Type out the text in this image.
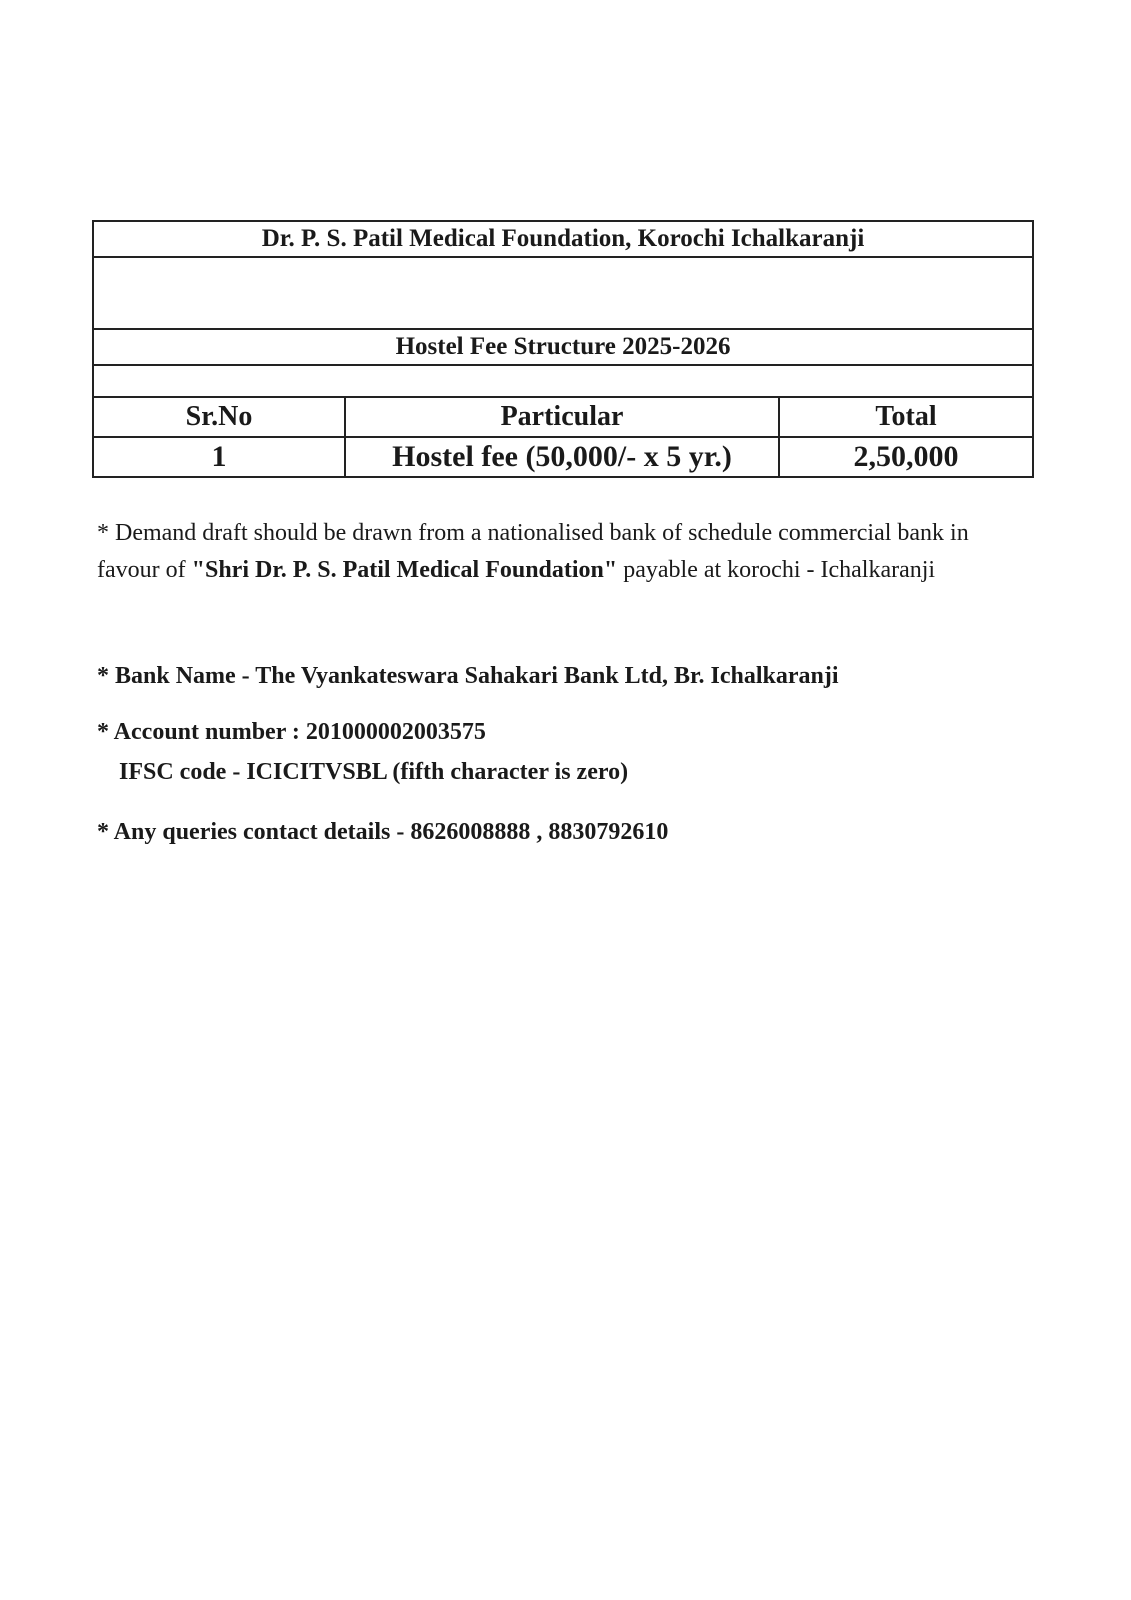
Dr. P. S. Patil Medical Foundation, Korochi Ichalkaranji		

Hostel Fee Structure 2025-2026		

Sr.No	Particular	Total
1	Hostel fee (50,000/- x 5 yr.)	2,50,000

* Demand draft should be drawn from a nationalised bank of schedule commercial bank in favour of "Shri Dr. P. S. Patil Medical Foundation" payable at korochi - Ichalkaranji

* Bank Name - The Vyankateswara Sahakari Bank Ltd, Br. Ichalkaranji

* Account number : 201000002003575
IFSC code - ICICITVSBL (fifth character is zero)

* Any queries contact details - 8626008888 , 8830792610
